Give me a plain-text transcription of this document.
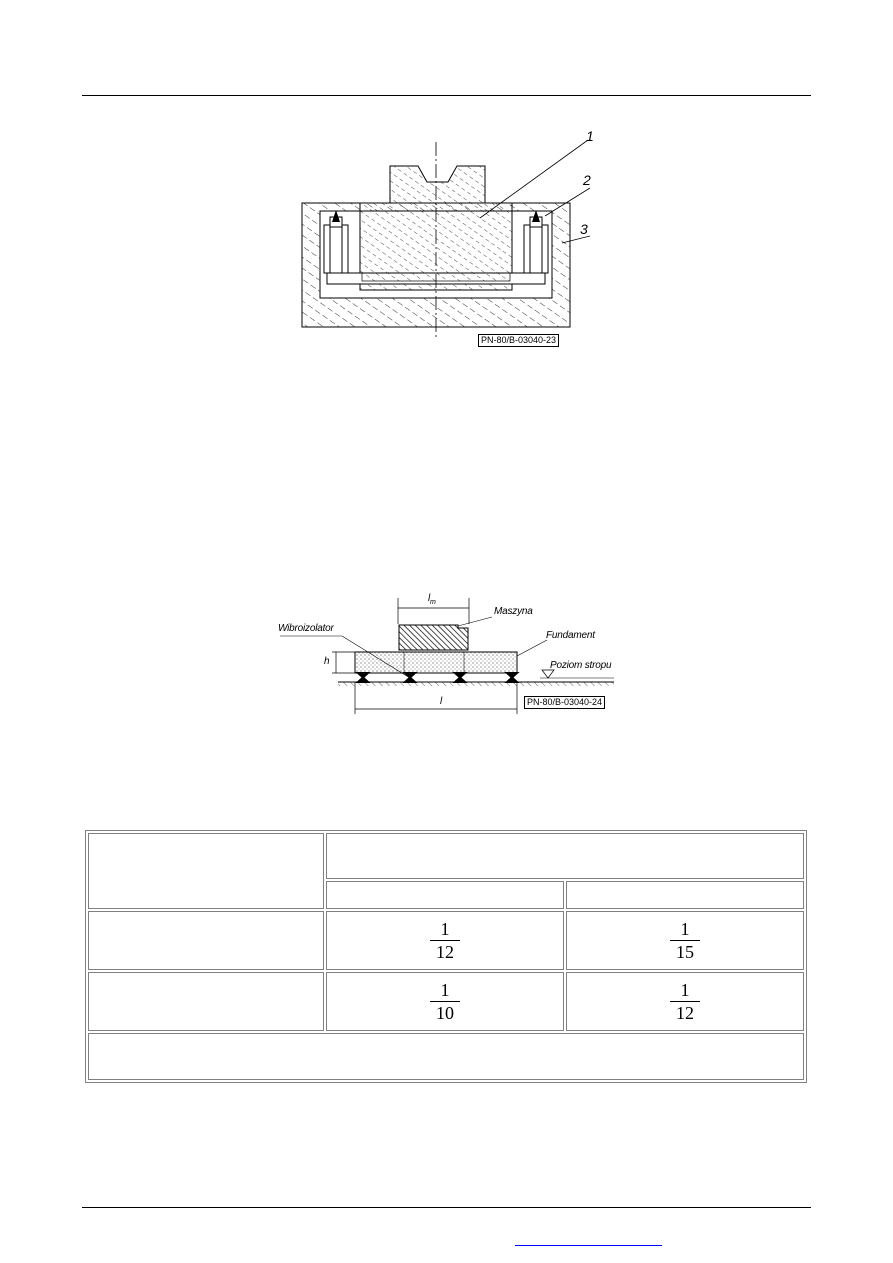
1
2
3
PN-80/B-03040-23
$l_m$
Maszyna
Wibroizolator
Fundament
Poziom stropu
h
l	PN-80/B-03040-24

	$\frac{1}{12}$	$\frac{1}{15}$

	$\frac{1}{10}$	$\frac{1}{12}$
